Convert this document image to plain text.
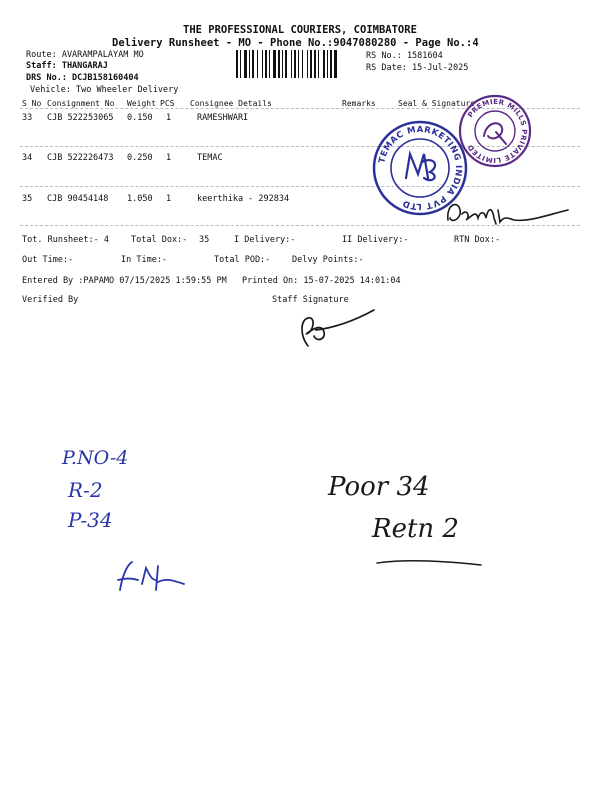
THE PROFESSIONAL COURIERS, COIMBATORE
Delivery Runsheet - MO - Phone No.:9047080280 - Page No.:4
Route: AVARAMPALAYAM MO
Staff: THANGARAJ
DRS No.: DCJB158160404
Vehicle: Two Wheeler Delivery
RS No.: 1581604
RS Date: 15-Jul-2025
S No Consignment No Weight PCS Consignee Details	Remarks	Seal & Signature
33 CJB 522253065 0.150 1	RAMESHWARI
34 CJB 522226473 0.250 1	TEMAC
35 CJB 90454148 1.050 1	keerthika - 292834
TEMAC MARKETING INDIA PVT LTD
PREMIER MILLS PRIVATE LIMITED
Tot. Runsheet:- 4	Total Dox:- 35	I Delivery:-	II Delivery:-	RTN Dox:-
Out Time:-	In Time:-	Total POD:-	Delvy Points:-
Entered By :PAPAMO 07/15/2025 1:59:55 PM Printed On: 15-07-2025 14:01:04
Verified By	Staff Signature
P.NO-4
R-2
P-34
Poor 34
Retn 2
